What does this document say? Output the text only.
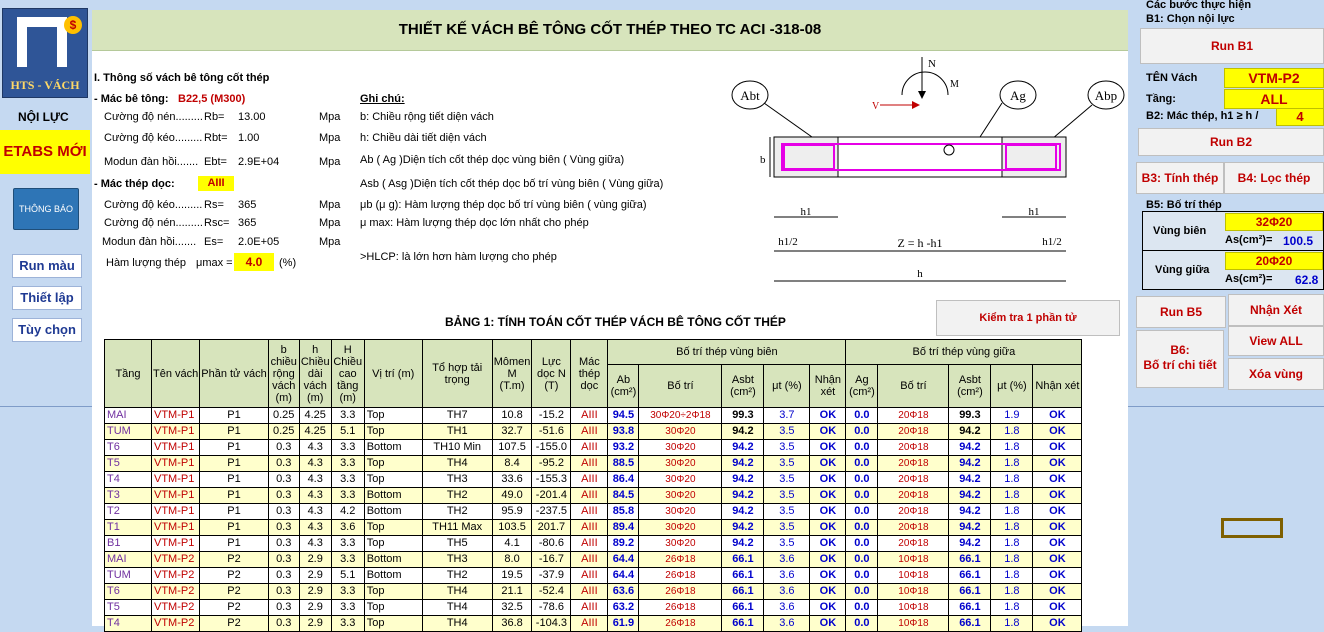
$
HTS - VÁCH
NỘI LỰC
ETABS MỚI
THÔNG BÁO
Run màu
Thiết lập
Tùy chọn
THIẾT KẾ VÁCH BÊ TÔNG CỐT THÉP THEO TC ACI -318-08
I. Thông số vách bê tông cốt thép
- Mác bê tông: B22,5 (M300)
Cường độ nén......... Rb= 13.00	Mpa
Cường độ kéo......... Rbt= 1.00	Mpa
Modun đàn hồi....... Ebt= 2.9E+04	Mpa
- Mác thép dọc:	AIII
Cường độ kéo......... Rs= 365	Mpa
Cường độ nén......... Rsc= 365	Mpa
Modun đàn hồi....... Es= 2.0E+05	Mpa
Hàm lượng thép μmax =	4.0	(%)
Ghi chú:
b: Chiều rộng tiết diện vách
h: Chiều dài tiết diện vách
Ab ( Ag )Diện tích cốt thép dọc vùng biên ( Vùng giữa)
Asb ( Asg )Diện tích cốt thép dọc bố trí vùng biên ( Vùng giữa)
μb (μ g): Hàm lượng thép dọc bố trí vùng biên ( vùng giữa)
μ max: Hàm lượng thép dọc lớn nhất cho phép
>HLCP: là lớn hơn hàm lượng cho phép
Abt	Ag	Abp
N
M
V
b
h1	h1
h1/2	Z = h -h1	h1/2
h
Kiểm tra 1 phần tử
BẢNG 1: TÍNH TOÁN CỐT THÉP VÁCH BÊ TÔNG CỐT THÉP
Tầng	Tên vách	Phần tử vách	b chiều rộng vách (m)	h Chiều dài vách (m)	H Chiều cao tầng (m)	Vị trí (m)	Tổ hợp tải trọng	Mômen M (T.m)	Lực dọc N (T)	Mác thép dọc	Bố trí thép vùng biên					Bố trí thép vùng giữa				
											Ab (cm²)	Bố trí	Asbt (cm²)	μt (%)	Nhận xét	Ag (cm²)	Bố trí	Asbt (cm²)	μt (%)	Nhận xét
MAI	VTM-P1	P1	0.25	4.25	3.3	Top	TH7	10.8	-15.2	AIII	94.5	30Φ20÷2Φ18	99.3	3.7	OK	0.0	20Φ18	99.3	1.9	OK
TUM	VTM-P1	P1	0.25	4.25	5.1	Top	TH1	32.7	-51.6	AIII	93.8	30Φ20	94.2	3.5	OK	0.0	20Φ18	94.2	1.8	OK
T6	VTM-P1	P1	0.3	4.3	3.3	Bottom	TH10 Min	107.5	-155.0	AIII	93.2	30Φ20	94.2	3.5	OK	0.0	20Φ18	94.2	1.8	OK
T5	VTM-P1	P1	0.3	4.3	3.3	Top	TH4	8.4	-95.2	AIII	88.5	30Φ20	94.2	3.5	OK	0.0	20Φ18	94.2	1.8	OK
T4	VTM-P1	P1	0.3	4.3	3.3	Top	TH3	33.6	-155.3	AIII	86.4	30Φ20	94.2	3.5	OK	0.0	20Φ18	94.2	1.8	OK
T3	VTM-P1	P1	0.3	4.3	3.3	Bottom	TH2	49.0	-201.4	AIII	84.5	30Φ20	94.2	3.5	OK	0.0	20Φ18	94.2	1.8	OK
T2	VTM-P1	P1	0.3	4.3	4.2	Bottom	TH2	95.9	-237.5	AIII	85.8	30Φ20	94.2	3.5	OK	0.0	20Φ18	94.2	1.8	OK
T1	VTM-P1	P1	0.3	4.3	3.6	Top	TH11 Max	103.5	201.7	AIII	89.4	30Φ20	94.2	3.5	OK	0.0	20Φ18	94.2	1.8	OK
B1	VTM-P1	P1	0.3	4.3	3.3	Top	TH5	4.1	-80.6	AIII	89.2	30Φ20	94.2	3.5	OK	0.0	20Φ18	94.2	1.8	OK
MAI	VTM-P2	P2	0.3	2.9	3.3	Bottom	TH3	8.0	-16.7	AIII	64.4	26Φ18	66.1	3.6	OK	0.0	10Φ18	66.1	1.8	OK
TUM	VTM-P2	P2	0.3	2.9	5.1	Bottom	TH2	19.5	-37.9	AIII	64.4	26Φ18	66.1	3.6	OK	0.0	10Φ18	66.1	1.8	OK
T6	VTM-P2	P2	0.3	2.9	3.3	Top	TH4	21.1	-52.4	AIII	63.6	26Φ18	66.1	3.6	OK	0.0	10Φ18	66.1	1.8	OK
T5	VTM-P2	P2	0.3	2.9	3.3	Top	TH4	32.5	-78.6	AIII	63.2	26Φ18	66.1	3.6	OK	0.0	10Φ18	66.1	1.8	OK
T4	VTM-P2	P2	0.3	2.9	3.3	Top	TH4	36.8	-104.3	AIII	61.9	26Φ18	66.1	3.6	OK	0.0	10Φ18	66.1	1.8	OK
Các bước thực hiện
B1: Chọn nội lực
Run B1
TÊN Vách	VTM-P2
Tầng:	ALL
B2: Mác thép, h1 ≥ h /	4
Run B2
B3: Tính thép	B4: Lọc thép
B5: Bố trí thép
Vùng biên
32Φ20
As(cm²)= 100.5
Vùng giữa
20Φ20
As(cm²)= 62.8
Run B5	Nhận Xét
B6:
Bố trí chi tiết
View ALL
Xóa vùng
